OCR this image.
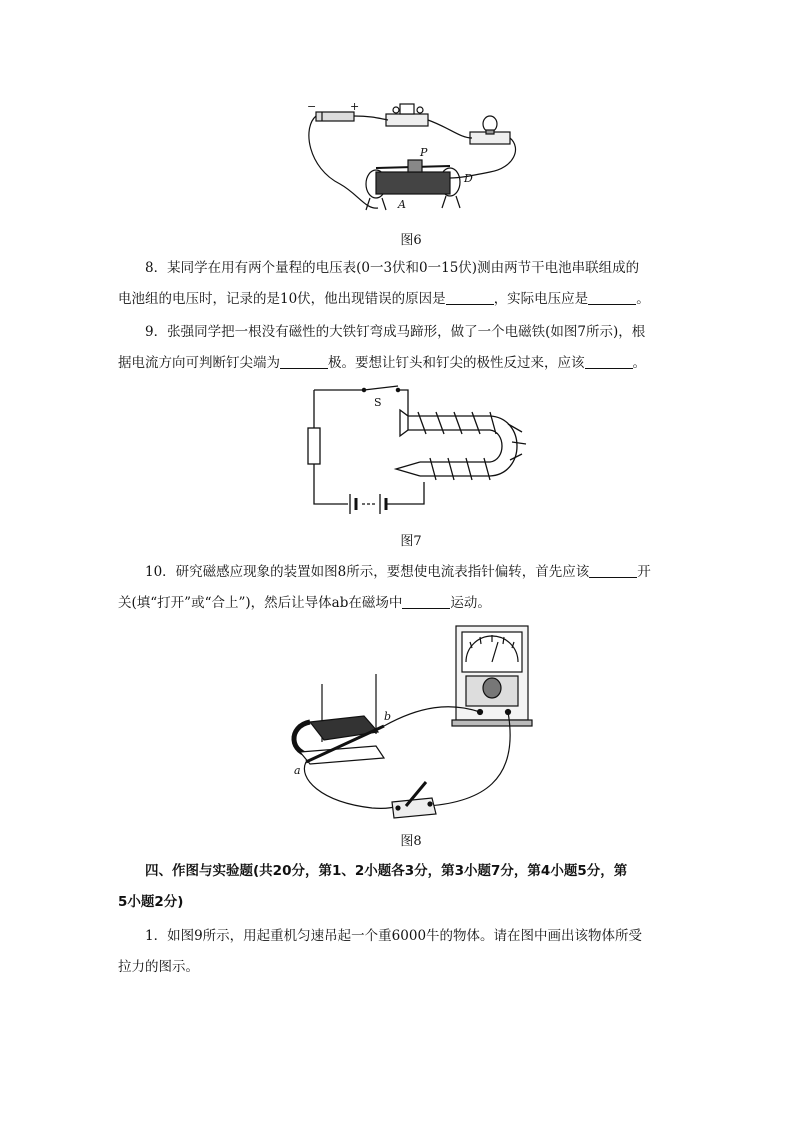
−	+
P
D
A
图6
8．某同学在用有两个量程的电压表(0一3伏和0一15伏)测由两节干电池串联组成的
电池组的电压时，记录的是10伏，他出现错误的原因是	，实际电压应是	。
9．张强同学把一根没有磁性的大铁钉弯成马蹄形，做了一个电磁铁(如图7所示)，根
据电流方向可判断钉尖端为	极。要想让钉头和钉尖的极性反过来，应该	。
S
图7
10．研究磁感应现象的装置如图8所示，要想使电流表指针偏转，首先应该	开
关(填“打开”或“合上”)，然后让导体ab在磁场中	运动。
a
b
图8
四、作图与实验题(共20分，第1、2小题各3分，第3小题7分，第4小题5分，第
5小题2分)
1．如图9所示，用起重机匀速吊起一个重6000牛的物体。请在图中画出该物体所受
拉力的图示。
